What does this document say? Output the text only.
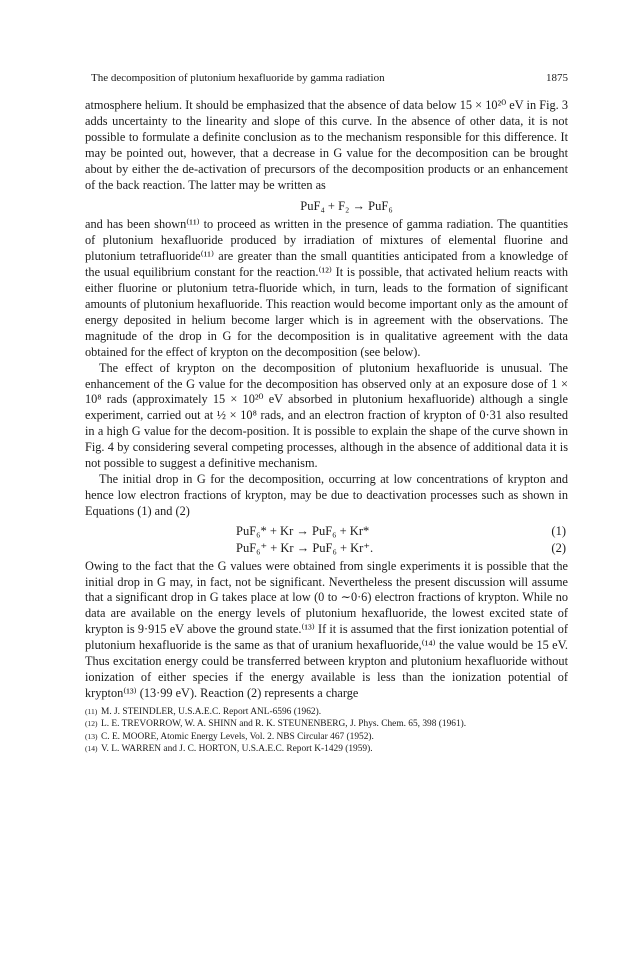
The decomposition of plutonium hexafluoride by gamma radiation	1875

atmosphere helium. It should be emphasized that the absence of data below 15 × 10²⁰ eV in Fig. 3 adds uncertainty to the linearity and slope of this curve. In the absence of other data, it is not possible to formulate a definite conclusion as to the mechanism responsible for this difference. It may be pointed out, however, that a decrease in G value for the decomposition can be brought about by either the de-activation of precursors of the decomposition products or an enhancement of the back reaction. The latter may be written as

PuF₄ + F₂ → PuF₆

and has been shown⁽¹¹⁾ to proceed as written in the presence of gamma radiation. The quantities of plutonium hexafluoride produced by irradiation of mixtures of elemental fluorine and plutonium tetrafluoride⁽¹¹⁾ are greater than the small quantities anticipated from a knowledge of the usual equilibrium constant for the reaction.⁽¹²⁾ It is possible, that activated helium reacts with either fluorine or plutonium tetra-fluoride which, in turn, leads to the formation of significant amounts of plutonium hexafluoride. This reaction would become important only as the amount of energy deposited in helium become larger which is in agreement with the observations. The magnitude of the drop in G for the decomposition is in qualitative agreement with the data obtained for the effect of krypton on the decomposition (see below).

The effect of krypton on the decomposition of plutonium hexafluoride is unusual. The enhancement of the G value for the decomposition has observed only at an exposure dose of 1 × 10⁸ rads (approximately 15 × 10²⁰ eV absorbed in plutonium hexafluoride) although a single experiment, carried out at ½ × 10⁸ rads, and an electron fraction of krypton of 0·31 also resulted in a high G value for the decom-position. It is possible to explain the shape of the curve shown in Fig. 4 by considering several competing processes, although in the absence of additional data it is not possible to suggest a definitive mechanism.

The initial drop in G for the decomposition, occurring at low concentrations of krypton and hence low electron fractions of krypton, may be due to deactivation processes such as shown in Equations (1) and (2)

PuF₆* + Kr → PuF₆ + Kr*	(1)
PuF₆⁺ + Kr → PuF₆ + Kr⁺.	(2)

Owing to the fact that the G values were obtained from single experiments it is possible that the initial drop in G may, in fact, not be significant. Nevertheless the present discussion will assume that a significant drop in G takes place at low (0 to ∼0·6) electron fractions of krypton. While no data are available on the energy levels of plutonium hexafluoride, the lowest excited state of krypton is 9·915 eV above the ground state.⁽¹³⁾ If it is assumed that the first ionization potential of plutonium hexafluoride is the same as that of uranium hexafluoride,⁽¹⁴⁾ the value would be 15 eV. Thus excitation energy could be transferred between krypton and plutonium hexafluoride without ionization of either species if the energy available is less than the ionization potential of krypton⁽¹³⁾ (13·99 eV). Reaction (2) represents a charge

(11) M. J. STEINDLER, U.S.A.E.C. Report ANL-6596 (1962).
(12) L. E. TREVORROW, W. A. SHINN and R. K. STEUNENBERG, J. Phys. Chem. 65, 398 (1961).
(13) C. E. MOORE, Atomic Energy Levels, Vol. 2. NBS Circular 467 (1952).
(14) V. L. WARREN and J. C. HORTON, U.S.A.E.C. Report K-1429 (1959).
